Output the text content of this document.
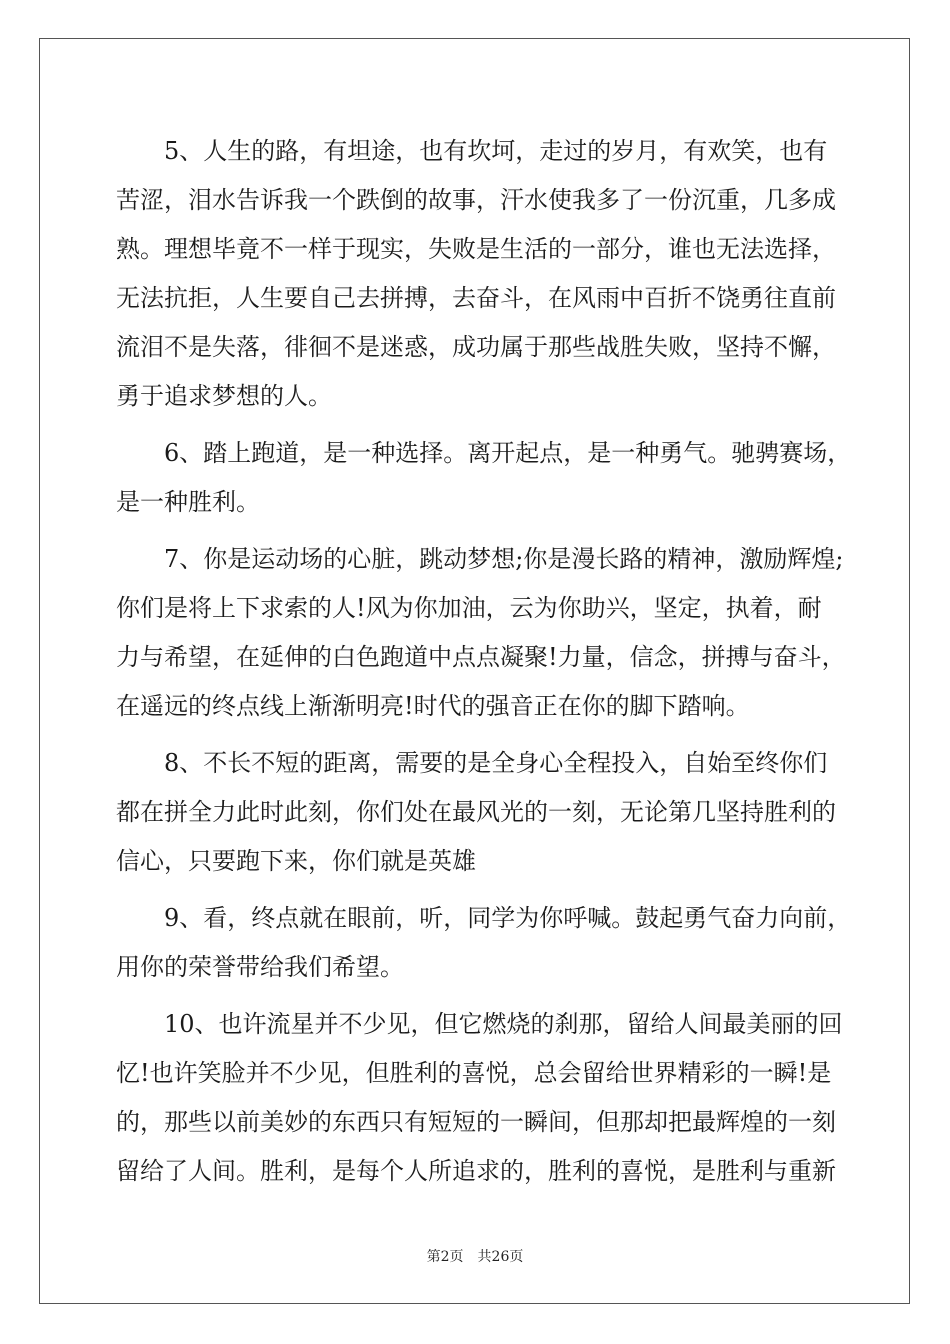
　　5、人生的路，有坦途，也有坎坷，走过的岁月，有欢笑，也有
苦涩，泪水告诉我一个跌倒的故事，汗水使我多了一份沉重，几多成
熟。理想毕竟不一样于现实，失败是生活的一部分，谁也无法选择，
无法抗拒，人生要自己去拼搏，去奋斗，在风雨中百折不饶勇往直前
流泪不是失落，徘徊不是迷惑，成功属于那些战胜失败，坚持不懈，
勇于追求梦想的人。
　　6、踏上跑道，是一种选择。离开起点，是一种勇气。驰骋赛场，
是一种胜利。
　　7、你是运动场的心脏，跳动梦想;你是漫长路的精神，激励辉煌;
你们是将上下求索的人!风为你加油，云为你助兴，坚定，执着，耐
力与希望，在延伸的白色跑道中点点凝聚!力量，信念，拼搏与奋斗，
在遥远的终点线上渐渐明亮!时代的强音正在你的脚下踏响。
　　8、不长不短的距离，需要的是全身心全程投入，自始至终你们
都在拼全力此时此刻，你们处在最风光的一刻，无论第几坚持胜利的
信心，只要跑下来，你们就是英雄
　　9、看，终点就在眼前，听，同学为你呼喊。鼓起勇气奋力向前，
用你的荣誉带给我们希望。
　　10、也许流星并不少见，但它燃烧的刹那，留给人间最美丽的回
忆!也许笑脸并不少见，但胜利的喜悦，总会留给世界精彩的一瞬!是
的，那些以前美妙的东西只有短短的一瞬间，但那却把最辉煌的一刻
留给了人间。胜利，是每个人所追求的，胜利的喜悦，是胜利与重新
第2页 共26页
